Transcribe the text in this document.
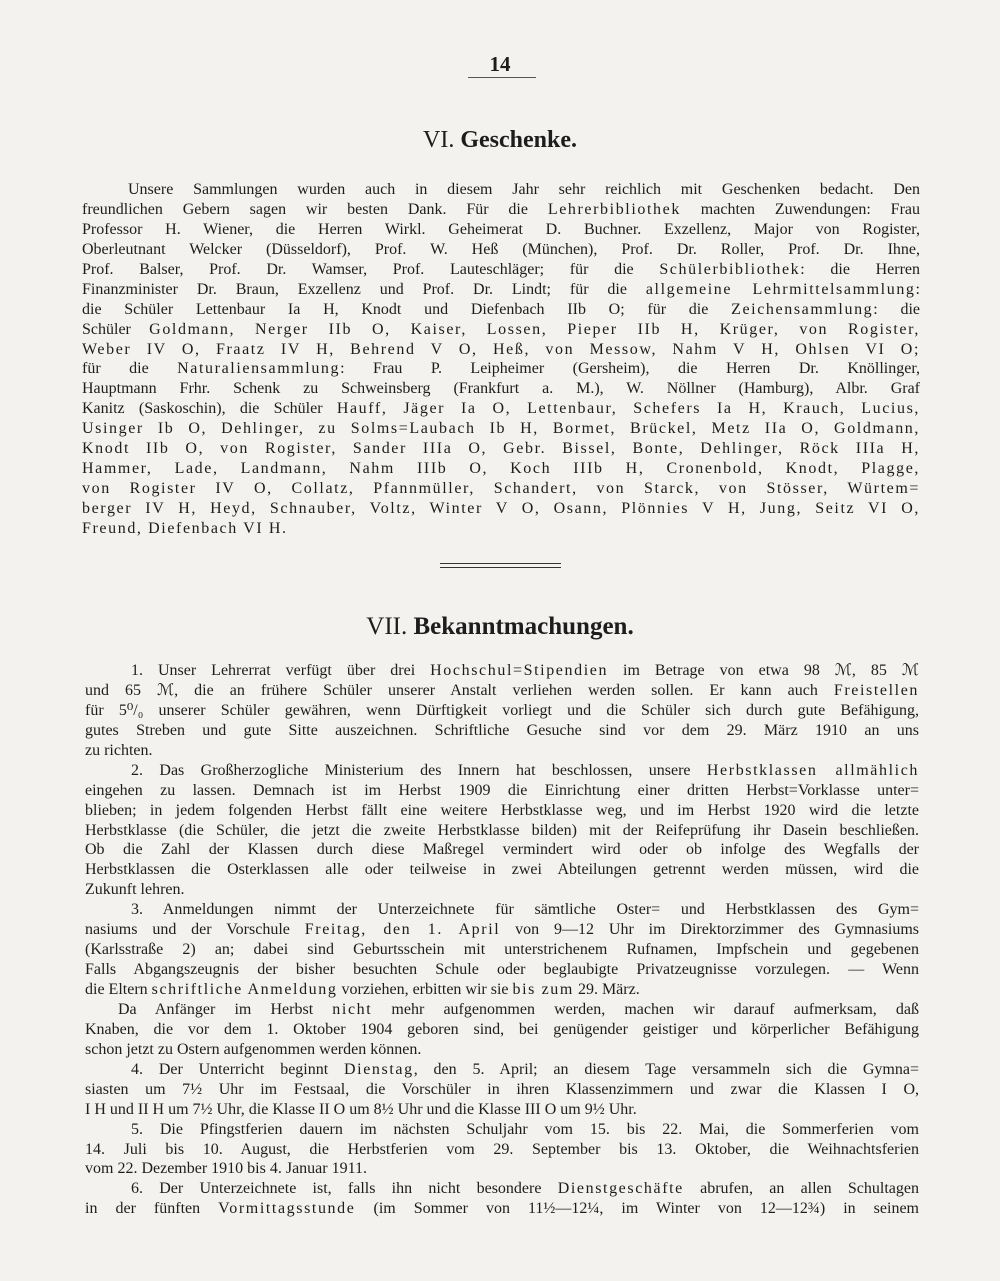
14
VI. Geschenke.
Unsere Sammlungen wurden auch in diesem Jahr sehr reichlich mit Geschenken bedacht. Den
freundlichen Gebern sagen wir besten Dank. Für die Lehrerbibliothek machten Zuwendungen: Frau
Professor H. Wiener, die Herren Wirkl. Geheimerat D. Buchner. Exzellenz, Major von Rogister,
Oberleutnant Welcker (Düsseldorf), Prof. W. Heß (München), Prof. Dr. Roller, Prof. Dr. Ihne,
Prof. Balser, Prof. Dr. Wamser, Prof. Lauteschläger; für die Schülerbibliothek: die Herren
Finanzminister Dr. Braun, Exzellenz und Prof. Dr. Lindt; für die allgemeine Lehrmittelsammlung:
die Schüler Lettenbaur Ia H, Knodt und Diefenbach IIb O; für die Zeichensammlung: die
Schüler Goldmann, Nerger IIb O, Kaiser, Lossen, Pieper IIb H, Krüger, von Rogister,
Weber IV O, Fraatz IV H, Behrend V O, Heß, von Messow, Nahm V H, Ohlsen VI O;
für die Naturaliensammlung: Frau P. Leipheimer (Gersheim), die Herren Dr. Knöllinger,
Hauptmann Frhr. Schenk zu Schweinsberg (Frankfurt a. M.), W. Nöllner (Hamburg), Albr. Graf
Kanitz (Saskoschin), die Schüler Hauff, Jäger Ia O, Lettenbaur, Schefers Ia H, Krauch, Lucius,
Usinger Ib O, Dehlinger, zu Solms=Laubach Ib H, Bormet, Brückel, Metz IIa O, Goldmann,
Knodt IIb O, von Rogister, Sander IIIa O, Gebr. Bissel, Bonte, Dehlinger, Röck IIIa H,
Hammer, Lade, Landmann, Nahm IIIb O, Koch IIIb H, Cronenbold, Knodt, Plagge,
von Rogister IV O, Collatz, Pfannmüller, Schandert, von Starck, von Stösser, Würtem=
berger IV H, Heyd, Schnauber, Voltz, Winter V O, Osann, Plönnies V H, Jung, Seitz VI O,
Freund, Diefenbach VI H.
VII. Bekanntmachungen.
1. Unser Lehrerrat verfügt über drei Hochschul=Stipendien im Betrage von etwa 98 ℳ, 85 ℳ
und 65 ℳ, die an frühere Schüler unserer Anstalt verliehen werden sollen. Er kann auch Freistellen
für 5⁰/₀ unserer Schüler gewähren, wenn Dürftigkeit vorliegt und die Schüler sich durch gute Befähigung,
gutes Streben und gute Sitte auszeichnen. Schriftliche Gesuche sind vor dem 29. März 1910 an uns
zu richten.
2. Das Großherzogliche Ministerium des Innern hat beschlossen, unsere Herbstklassen allmählich
eingehen zu lassen. Demnach ist im Herbst 1909 die Einrichtung einer dritten Herbst=Vorklasse unter=
blieben; in jedem folgenden Herbst fällt eine weitere Herbstklasse weg, und im Herbst 1920 wird die letzte
Herbstklasse (die Schüler, die jetzt die zweite Herbstklasse bilden) mit der Reifeprüfung ihr Dasein beschließen.
Ob die Zahl der Klassen durch diese Maßregel vermindert wird oder ob infolge des Wegfalls der
Herbstklassen die Osterklassen alle oder teilweise in zwei Abteilungen getrennt werden müssen, wird die
Zukunft lehren.
3. Anmeldungen nimmt der Unterzeichnete für sämtliche Oster= und Herbstklassen des Gym=
nasiums und der Vorschule Freitag, den 1. April von 9—12 Uhr im Direktorzimmer des Gymnasiums
(Karlsstraße 2) an; dabei sind Geburtsschein mit unterstrichenem Rufnamen, Impfschein und gegebenen
Falls Abgangszeugnis der bisher besuchten Schule oder beglaubigte Privatzeugnisse vorzulegen. — Wenn
die Eltern schriftliche Anmeldung vorziehen, erbitten wir sie bis zum 29. März.
Da Anfänger im Herbst nicht mehr aufgenommen werden, machen wir darauf aufmerksam, daß
Knaben, die vor dem 1. Oktober 1904 geboren sind, bei genügender geistiger und körperlicher Befähigung
schon jetzt zu Ostern aufgenommen werden können.
4. Der Unterricht beginnt Dienstag, den 5. April; an diesem Tage versammeln sich die Gymna=
siasten um 7½ Uhr im Festsaal, die Vorschüler in ihren Klassenzimmern und zwar die Klassen I O,
I H und II H um 7½ Uhr, die Klasse II O um 8½ Uhr und die Klasse III O um 9½ Uhr.
5. Die Pfingstferien dauern im nächsten Schuljahr vom 15. bis 22. Mai, die Sommerferien vom
14. Juli bis 10. August, die Herbstferien vom 29. September bis 13. Oktober, die Weihnachtsferien
vom 22. Dezember 1910 bis 4. Januar 1911.
6. Der Unterzeichnete ist, falls ihn nicht besondere Dienstgeschäfte abrufen, an allen Schultagen
in der fünften Vormittagsstunde (im Sommer von 11½—12¼, im Winter von 12—12¾) in seinem
